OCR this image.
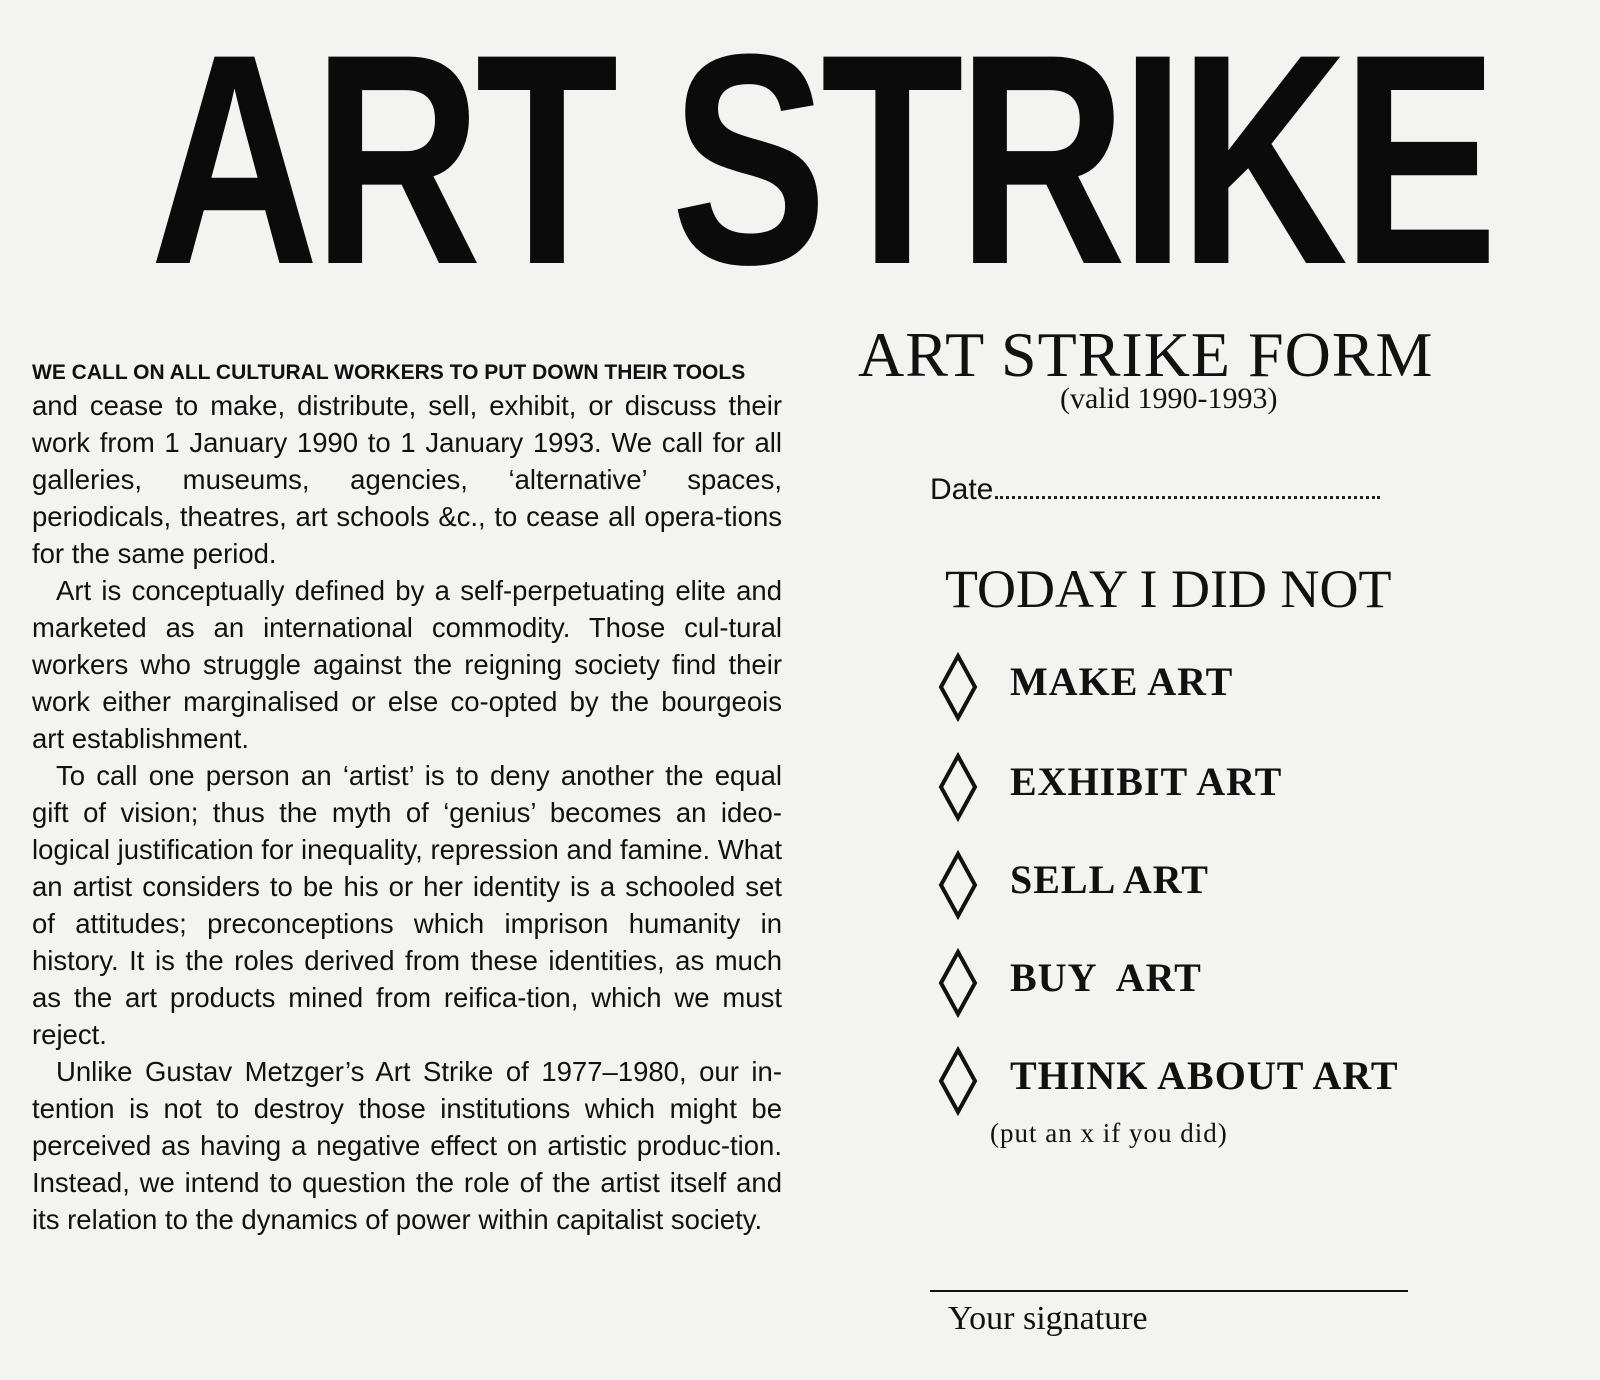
ART STRIKE
WE CALL ON ALL CULTURAL WORKERS TO PUT DOWN THEIR TOOLS

and cease to make, distribute, sell, exhibit, or discuss their work from 1 January 1990 to 1 January 1993. We call for all galleries, museums, agencies, ‘alternative’ spaces, periodicals, theatres, art schools &c., to cease all opera-tions for the same period.

Art is conceptually defined by a self-perpetuating elite and marketed as an international commodity. Those cul-tural workers who struggle against the reigning society find their work either marginalised or else co-opted by the bourgeois art establishment.

To call one person an ‘artist’ is to deny another the equal gift of vision; thus the myth of ‘genius’ becomes an ideo-logical justification for inequality, repression and famine. What an artist considers to be his or her identity is a schooled set of attitudes; preconceptions which imprison humanity in history. It is the roles derived from these identities, as much as the art products mined from reifica-tion, which we must reject.

Unlike Gustav Metzger’s Art Strike of 1977–1980, our in-tention is not to destroy those institutions which might be perceived as having a negative effect on artistic produc-tion. Instead, we intend to question the role of the artist itself and its relation to the dynamics of power within capitalist society.

ART STRIKE FORM
(valid 1990-1993)
Date
TODAY I DID NOT
MAKE ART
EXHIBIT ART
SELL ART
BUY  ART
THINK ABOUT ART
(put an x if you did)
Your signature
